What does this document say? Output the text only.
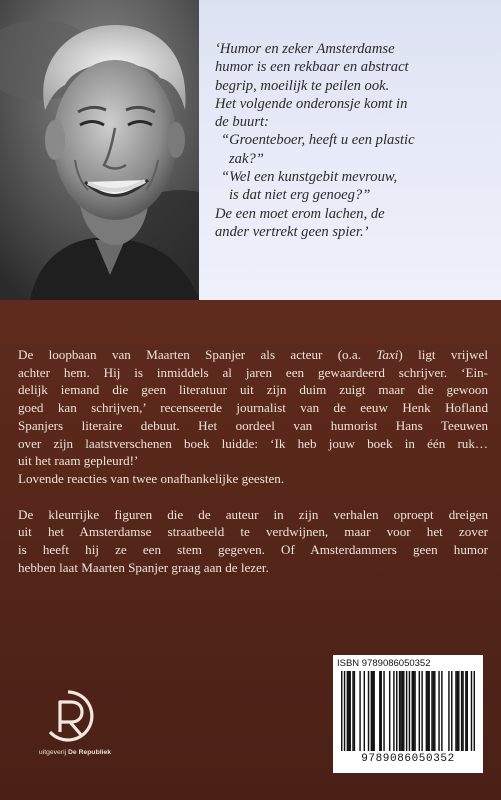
‘Humor en zeker Amsterdamse
humor is een rekbaar en abstract
begrip, moeilijk te peilen ook.
Het volgende onderonsje komt in
de buurt:
“Groenteboer, heeft u een plastic
zak?”
“Wel een kunstgebit mevrouw,
is dat niet erg genoeg?”
De een moet erom lachen, de
ander vertrekt geen spier.’
De loopbaan van Maarten Spanjer als acteur (o.a. Taxi) ligt vrijwel
achter hem. Hij is inmiddels al jaren een gewaardeerd schrijver. ‘Ein-
delijk iemand die geen literatuur uit zijn duim zuigt maar die gewoon
goed kan schrijven,’ recenseerde journalist van de eeuw Henk Hofland
Spanjers literaire debuut. Het oordeel van humorist Hans Teeuwen
over zijn laatstverschenen boek luidde: ‘Ik heb jouw boek in één ruk…
uit het raam gepleurd!’
Lovende reacties van twee onafhankelijke geesten.
De kleurrijke figuren die de auteur in zijn verhalen oproept dreigen
uit het Amsterdamse straatbeeld te verdwijnen, maar voor het zover
is heeft hij ze een stem gegeven. Of Amsterdammers geen humor
hebben laat Maarten Spanjer graag aan de lezer.
uitgeverij De Republiek
ISBN 9789086050352
9789086050352
